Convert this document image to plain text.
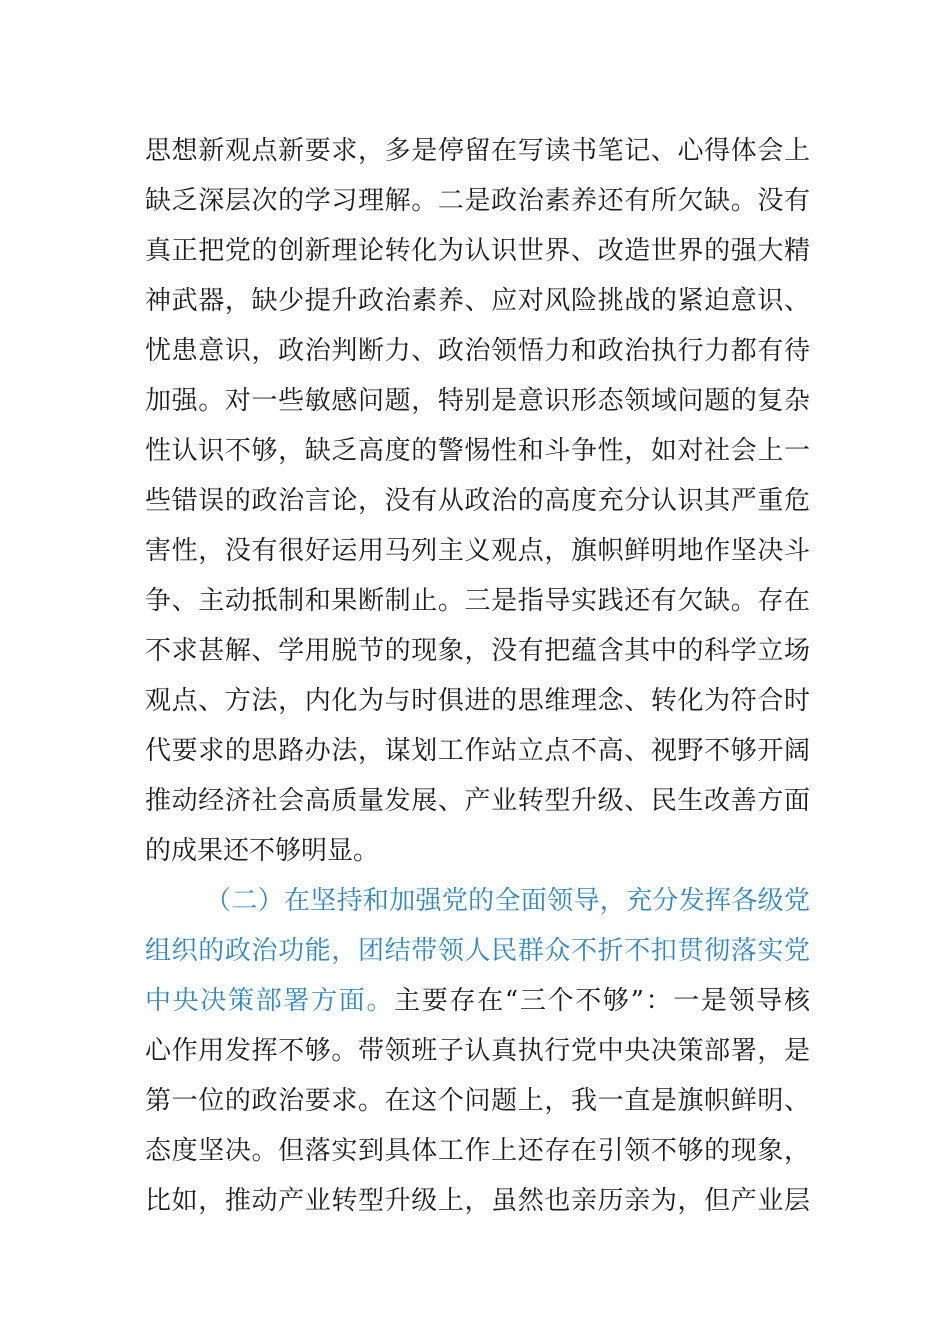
思想新观点新要求，多是停留在写读书笔记、心得体会上
缺乏深层次的学习理解。二是政治素养还有所欠缺。没有
真正把党的创新理论转化为认识世界、改造世界的强大精
神武器，缺少提升政治素养、应对风险挑战的紧迫意识、
忧患意识，政治判断力、政治领悟力和政治执行力都有待
加强。对一些敏感问题，特别是意识形态领域问题的复杂
性认识不够，缺乏高度的警惕性和斗争性，如对社会上一
些错误的政治言论，没有从政治的高度充分认识其严重危
害性，没有很好运用马列主义观点，旗帜鲜明地作坚决斗
争、主动抵制和果断制止。三是指导实践还有欠缺。存在
不求甚解、学用脱节的现象，没有把蕴含其中的科学立场
观点、方法，内化为与时俱进的思维理念、转化为符合时
代要求的思路办法，谋划工作站立点不高、视野不够开阔
推动经济社会高质量发展、产业转型升级、民生改善方面
的成果还不够明显。
（二）在坚持和加强党的全面领导，充分发挥各级党
组织的政治功能，团结带领人民群众不折不扣贯彻落实党
中央决策部署方面。主要存在“三个不够”：一是领导核
心作用发挥不够。带领班子认真执行党中央决策部署，是
第一位的政治要求。在这个问题上，我一直是旗帜鲜明、
态度坚决。但落实到具体工作上还存在引领不够的现象，
比如，推动产业转型升级上，虽然也亲历亲为，但产业层
